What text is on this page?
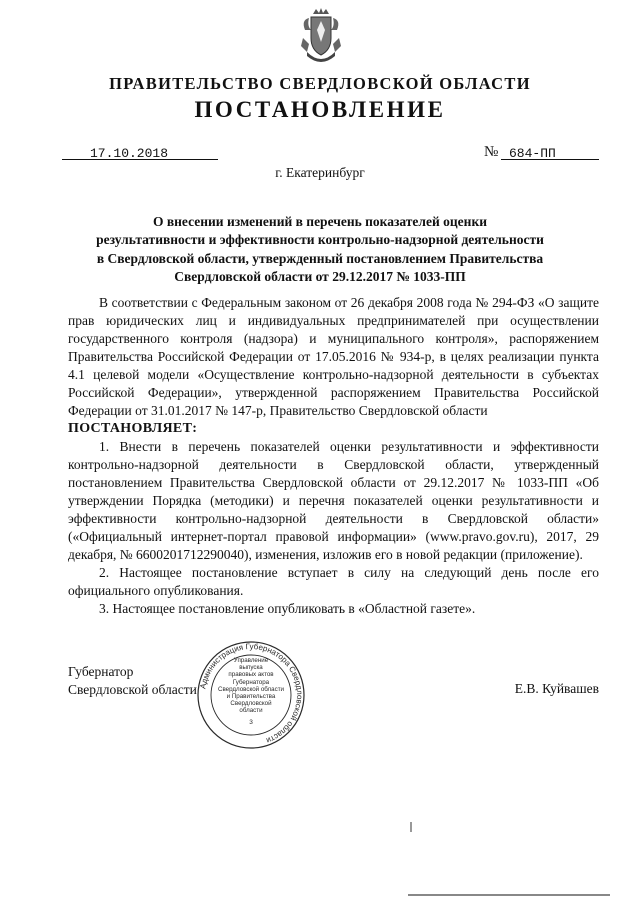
ПРАВИТЕЛЬСТВО СВЕРДЛОВСКОЙ ОБЛАСТИ
ПОСТАНОВЛЕНИЕ
17.10.2018	№ 684-ПП
г. Екатеринбург
О внесении изменений в перечень показателей оценки
результативности и эффективности контрольно-надзорной деятельности
в Свердловской области, утвержденный постановлением Правительства
Свердловской области от 29.12.2017 № 1033-ПП

В соответствии с Федеральным законом от 26 декабря 2008 года № 294-ФЗ «О защите прав юридических лиц и индивидуальных предпринимателей при осуществлении государственного контроля (надзора) и муниципального контроля», распоряжением Правительства Российской Федерации от 17.05.2016 № 934-р, в целях реализации пункта 4.1 целевой модели «Осуществление контрольно-надзорной деятельности в субъектах Российской Федерации», утвержденной распоряжением Правительства Российской Федерации от 31.01.2017 № 147-р, Правительство Свердловской области

ПОСТАНОВЛЯЕТ:

1. Внести в перечень показателей оценки результативности и эффективности контрольно-надзорной деятельности в Свердловской области, утвержденный постановлением Правительства Свердловской области от 29.12.2017 № 1033-ПП «Об утверждении Порядка (методики) и перечня показателей оценки результативности и эффективности контрольно-надзорной деятельности в Свердловской области» («Официальный интернет-портал правовой информации» (www.pravo.gov.ru), 2017, 29 декабря, № 6600201712290040), изменения, изложив его в новой редакции (приложение).

2. Настоящее постановление вступает в силу на следующий день после его официального опубликования.

3. Настоящее постановление опубликовать в «Областной газете».

Администрация Губернатора Свердловской области
Управление
выпуска
правовых актов
Губернатора
Свердловской области
и Правительства
Свердловской
области
3
Губернатор
Свердловской области	Е.В. Куйвашев
